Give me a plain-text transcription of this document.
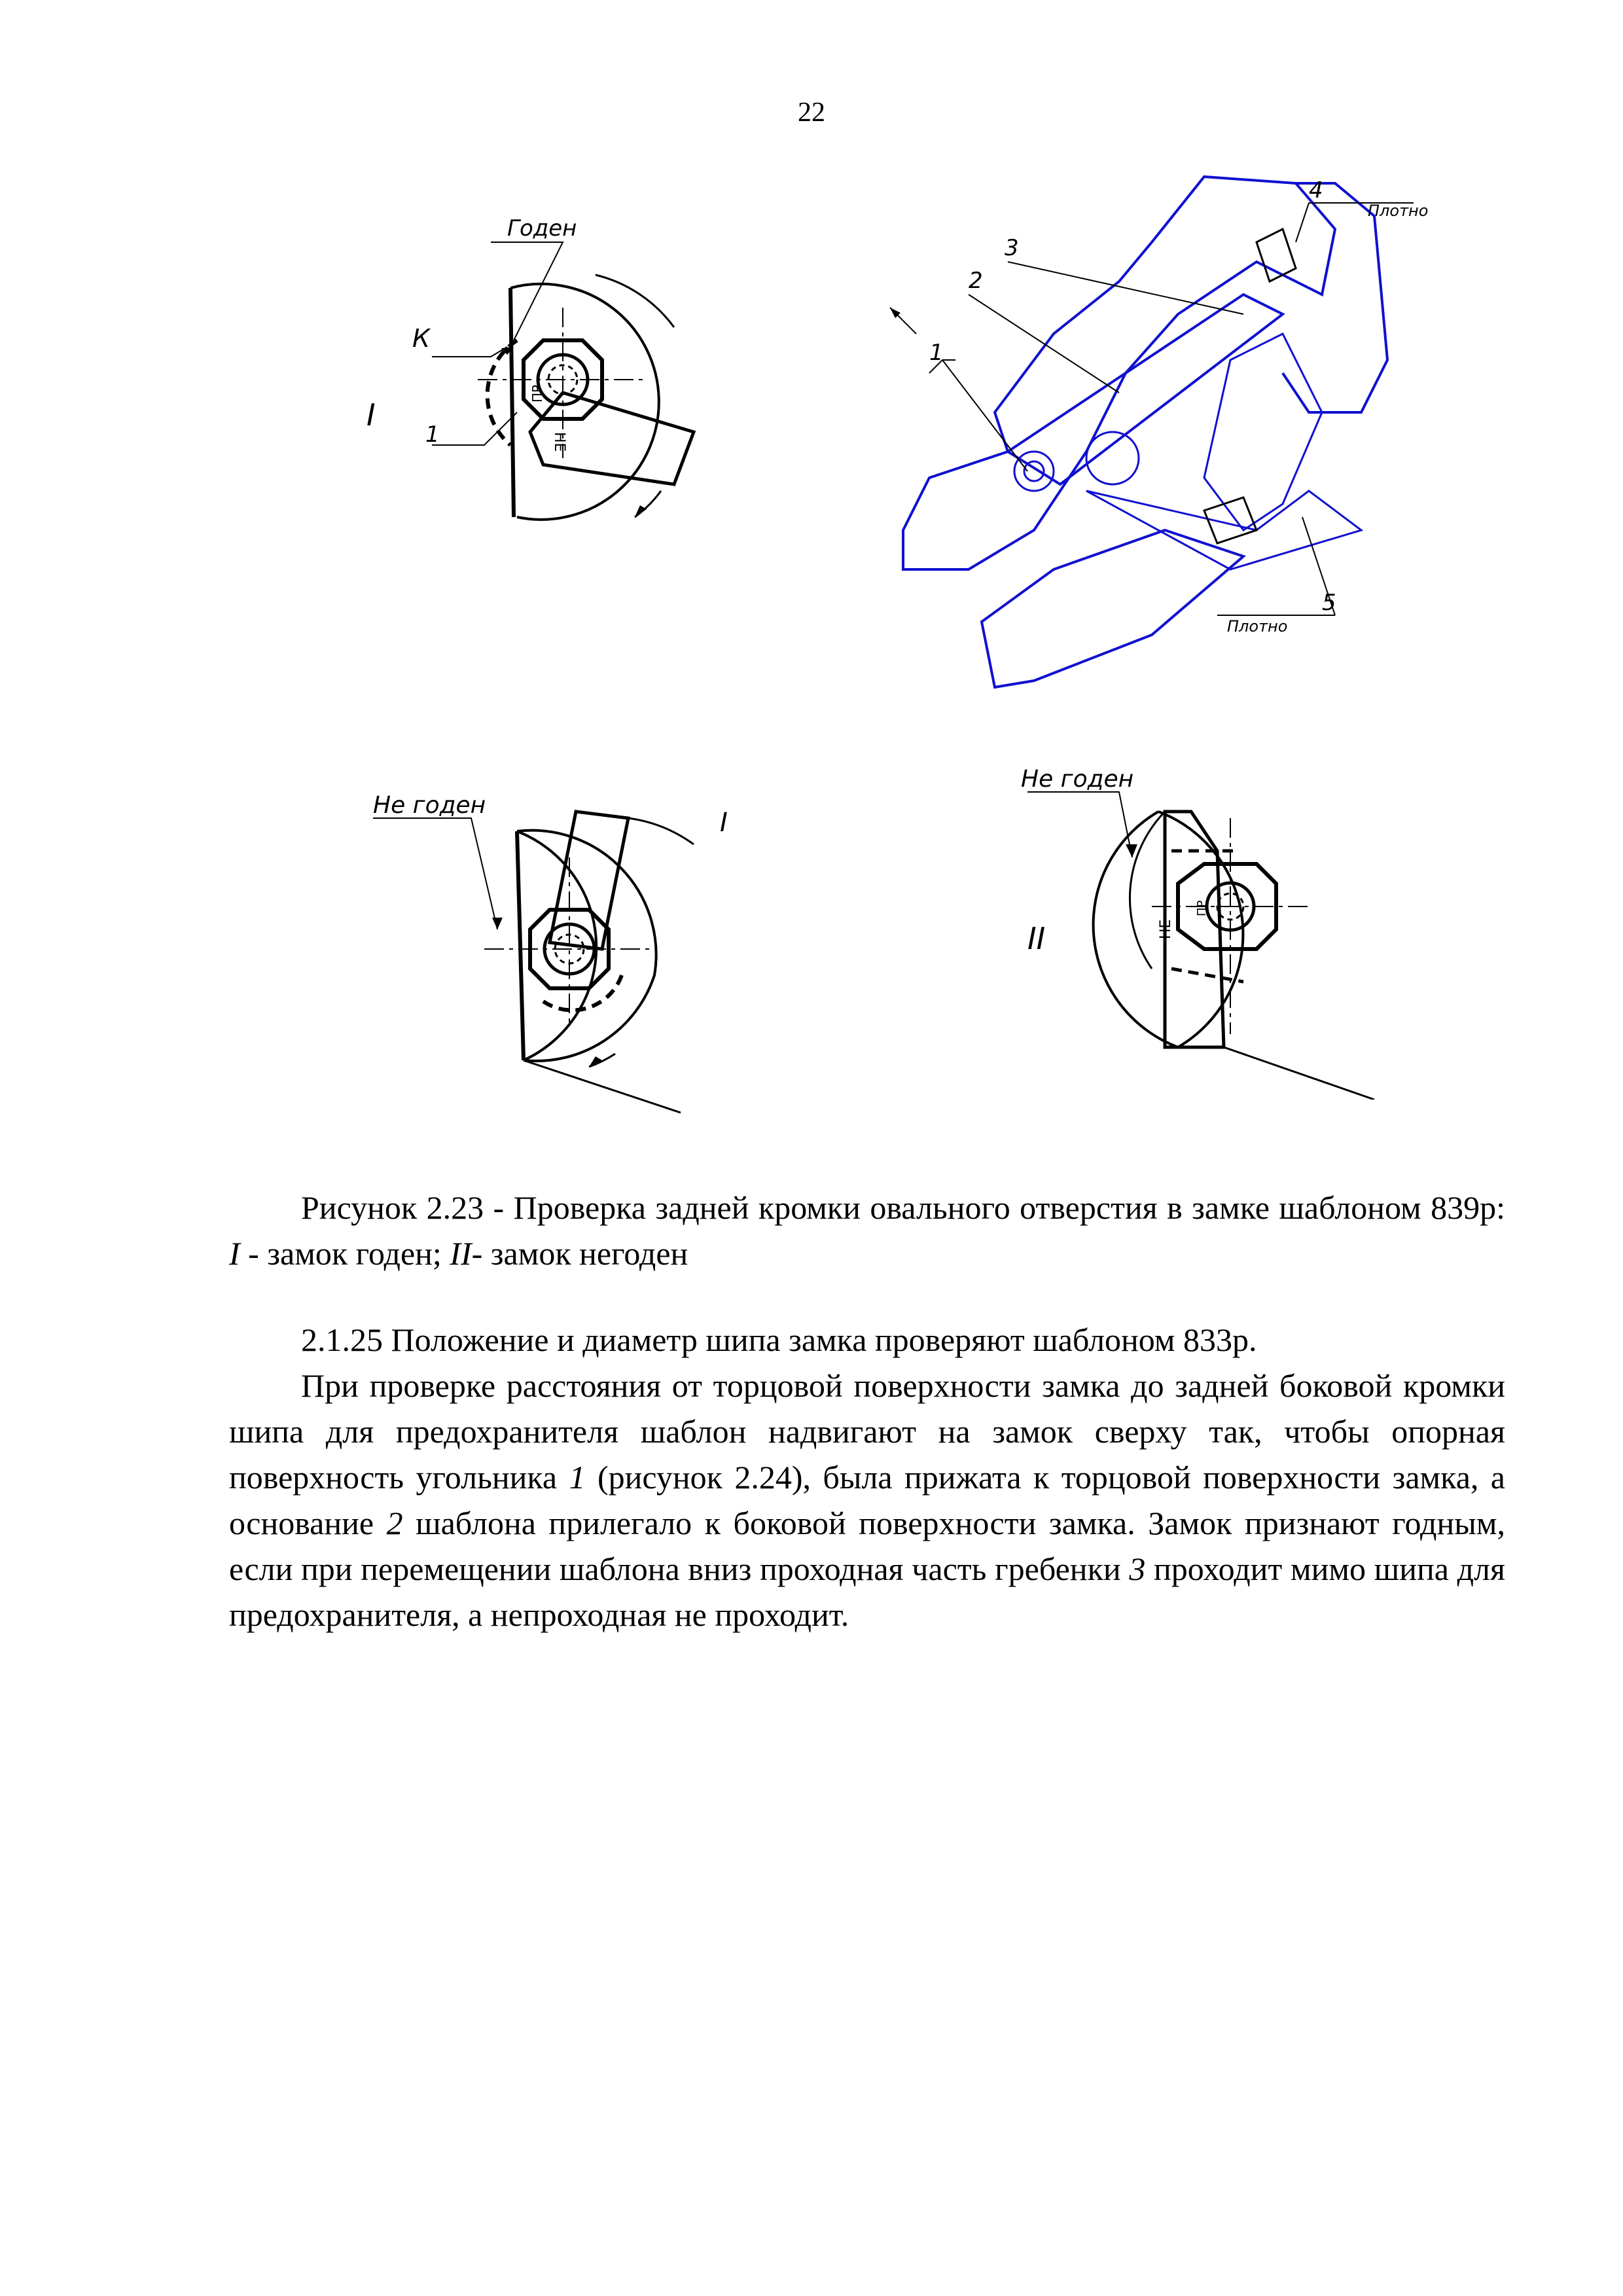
22
Годен
К
1
I
ПР
НЕ
1
2
3
4
5
Плотно
Плотно
Не годен
I
Не годен
II	НЕ
ПР
Рисунок 2.23 - Проверка задней кромки овального отверстия в замке шаблоном 839р: I - замок годен; II- замок негоден
2.1.25 Положение и диаметр шипа замка проверяют шаблоном 833р.
При проверке расстояния от торцовой поверхности замка до задней боковой кромки шипа для предохранителя шаблон надвигают на замок сверху так, чтобы опорная поверхность угольника 1 (рисунок 2.24), была прижата к торцовой поверхности замка, а основание 2 шаблона прилегало к боковой поверхности замка. Замок признают годным, если при перемещении шаблона вниз проходная часть гребенки 3 проходит мимо шипа для предохранителя, а непроходная не проходит.
